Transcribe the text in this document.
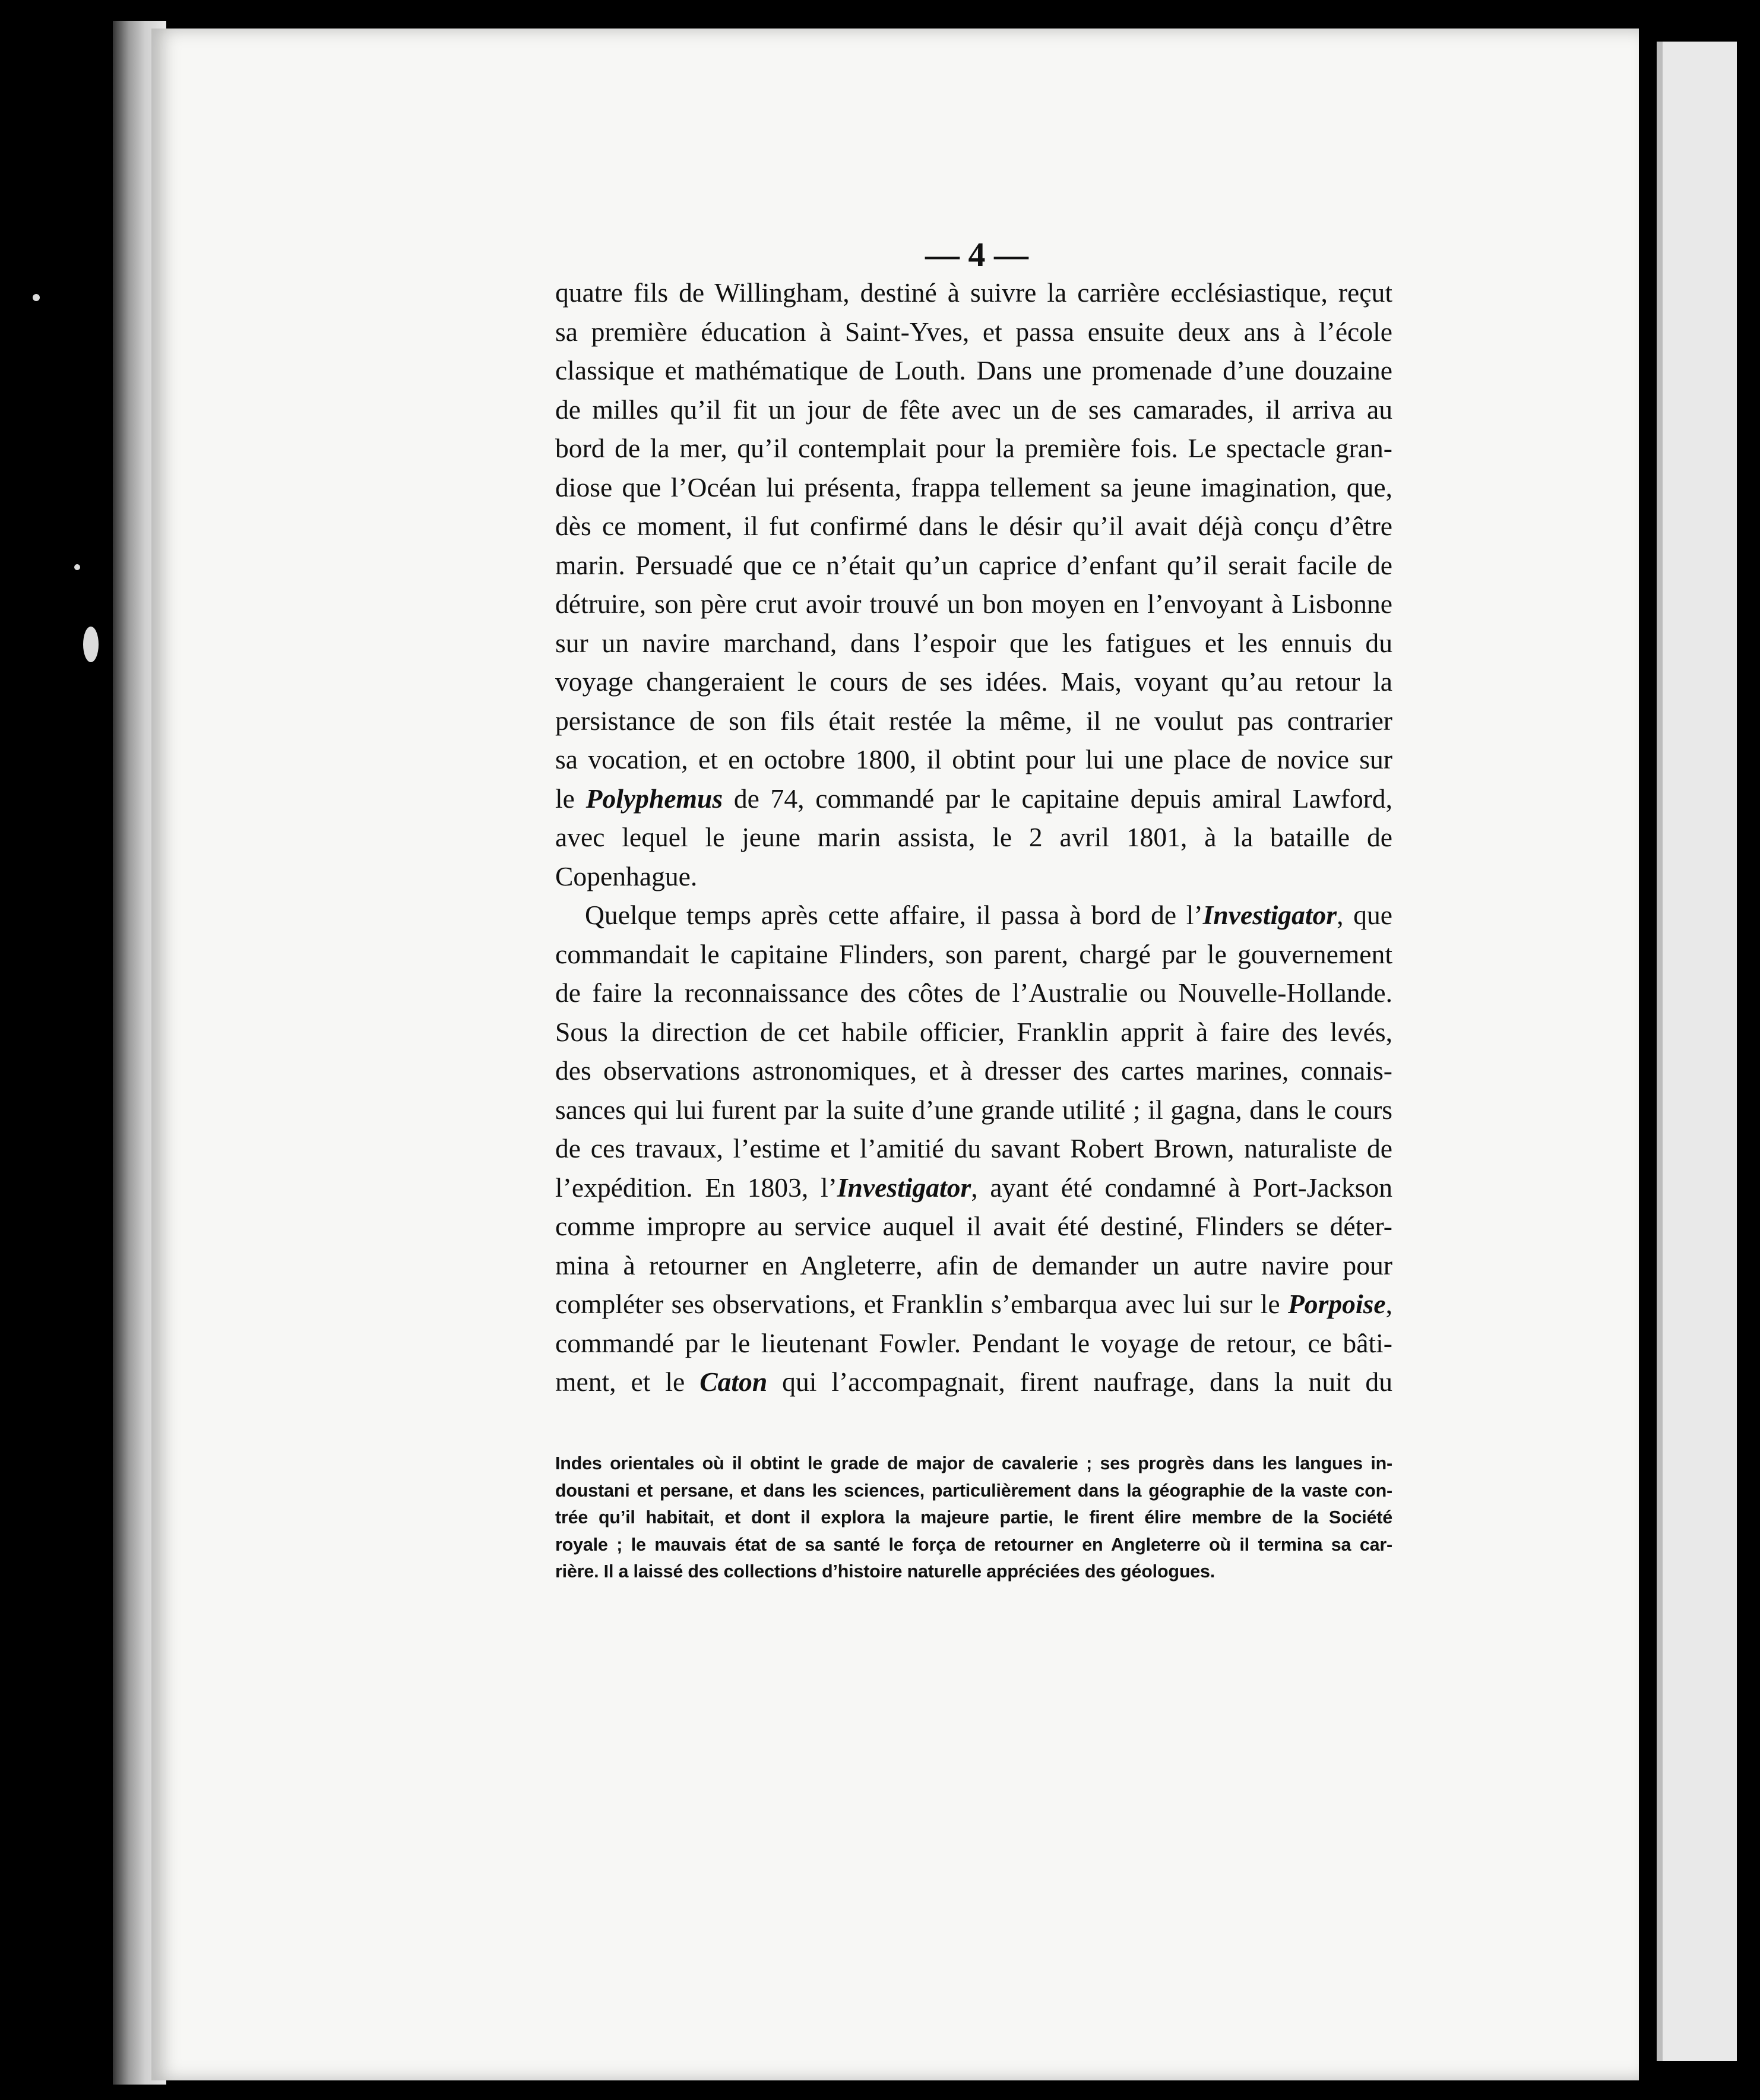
— 4 —
quatre fils de Willingham, destiné à suivre la carrière ecclésiastique, reçut
sa première éducation à Saint-Yves, et passa ensuite deux ans à l’école
classique et mathématique de Louth. Dans une promenade d’une douzaine
de milles qu’il fit un jour de fête avec un de ses camarades, il arriva au
bord de la mer, qu’il contemplait pour la première fois. Le spectacle gran-
diose que l’Océan lui présenta, frappa tellement sa jeune imagination, que,
dès ce moment, il fut confirmé dans le désir qu’il avait déjà conçu d’être
marin. Persuadé que ce n’était qu’un caprice d’enfant qu’il serait facile de
détruire, son père crut avoir trouvé un bon moyen en l’envoyant à Lisbonne
sur un navire marchand, dans l’espoir que les fatigues et les ennuis du
voyage changeraient le cours de ses idées. Mais, voyant qu’au retour la
persistance de son fils était restée la même, il ne voulut pas contrarier
sa vocation, et en octobre 1800, il obtint pour lui une place de novice sur
le Polyphemus de 74, commandé par le capitaine depuis amiral Lawford,
avec lequel le jeune marin assista, le 2 avril 1801, à la bataille de
Copenhague.
Quelque temps après cette affaire, il passa à bord de l’Investigator, que
commandait le capitaine Flinders, son parent, chargé par le gouvernement
de faire la reconnaissance des côtes de l’Australie ou Nouvelle-Hollande.
Sous la direction de cet habile officier, Franklin apprit à faire des levés,
des observations astronomiques, et à dresser des cartes marines, connais-
sances qui lui furent par la suite d’une grande utilité ; il gagna, dans le cours
de ces travaux, l’estime et l’amitié du savant Robert Brown, naturaliste de
l’expédition. En 1803, l’Investigator, ayant été condamné à Port-Jackson
comme impropre au service auquel il avait été destiné, Flinders se déter-
mina à retourner en Angleterre, afin de demander un autre navire pour
compléter ses observations, et Franklin s’embarqua avec lui sur le Porpoise,
commandé par le lieutenant Fowler. Pendant le voyage de retour, ce bâti-
ment, et le Caton qui l’accompagnait, firent naufrage, dans la nuit du
Indes orientales où il obtint le grade de major de cavalerie ; ses progrès dans les langues in-
doustani et persane, et dans les sciences, particulièrement dans la géographie de la vaste con-
trée qu’il habitait, et dont il explora la majeure partie, le firent élire membre de la Société
royale ; le mauvais état de sa santé le força de retourner en Angleterre où il termina sa car-
rière. Il a laissé des collections d’histoire naturelle appréciées des géologues.
